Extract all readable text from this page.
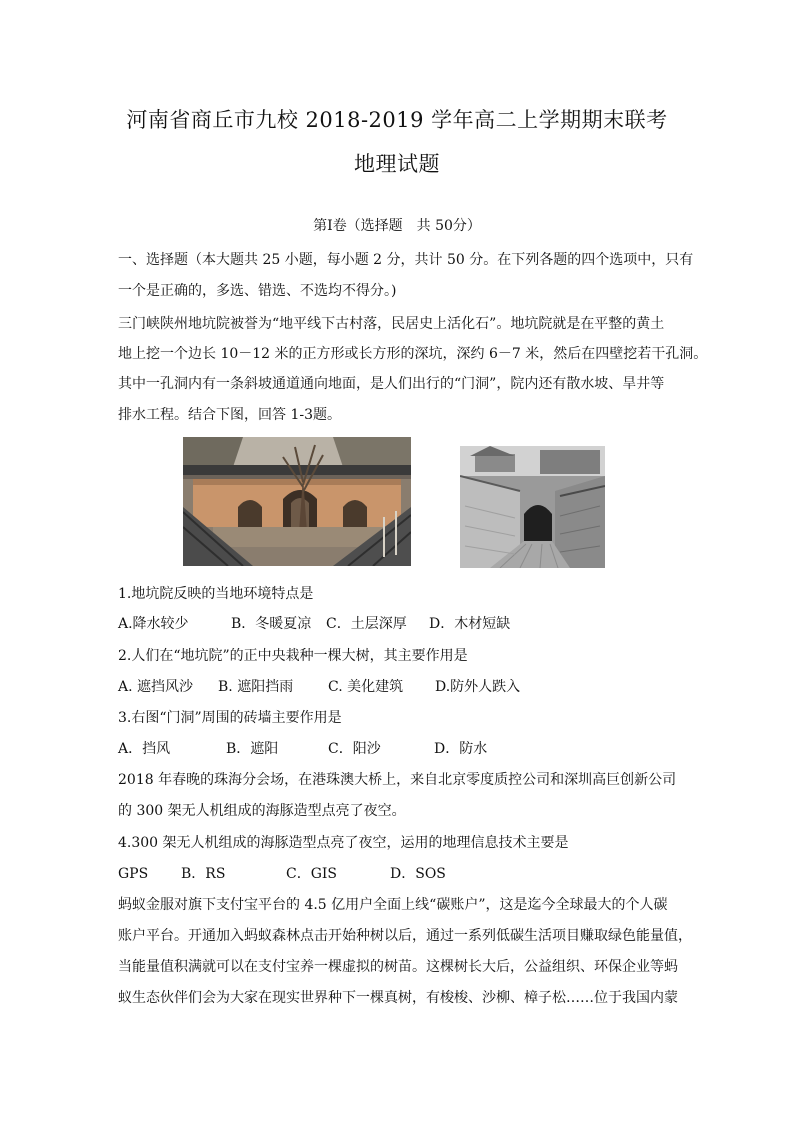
河南省商丘市九校 2018-2019 学年高二上学期期末联考
地理试题
第Ⅰ卷（选择题　共 50分）
一、选择题（本大题共 25 小题，每小题 2 分，共计 50 分。在下列各题的四个选项中，只有
一个是正确的，多选、错选、不选均不得分。)
三门峡陕州地坑院被誉为“地平线下古村落，民居史上活化石”。地坑院就是在平整的黄土
地上挖一个边长 10－12 米的正方形或长方形的深坑，深约 6－7 米，然后在四壁挖若干孔洞。
其中一孔洞内有一条斜坡通道通向地面，是人们出行的“门洞”，院内还有散水坡、旱井等
排水工程。结合下图，回答 1-3题。
1.地坑院反映的当地环境特点是
A.降水较少	B．冬暖夏凉 C．土层深厚 D．木材短缺
2.人们在“地坑院”的正中央栽种一棵大树，其主要作用是
A. 遮挡风沙 B. 遮阳挡雨 C. 美化建筑 D.防外人跌入
3.右图“门洞”周围的砖墙主要作用是
A．挡风	B．遮阳	C．阳沙	D．防水
2018 年春晚的珠海分会场，在港珠澳大桥上，来自北京零度质控公司和深圳高巨创新公司
的 300 架无人机组成的海豚造型点亮了夜空。
4.300 架无人机组成的海豚造型点亮了夜空，运用的地理信息技术主要是
GPS B．RS	C．GIS	D．SOS
蚂蚁金服对旗下支付宝平台的 4.5 亿用户全面上线“碳账户”，这是迄今全球最大的个人碳
账户平台。开通加入蚂蚁森林点击开始种树以后，通过一系列低碳生活项目赚取绿色能量值，
当能量值积满就可以在支付宝养一棵虚拟的树苗。这棵树长大后，公益组织、环保企业等蚂
蚁生态伙伴们会为大家在现实世界种下一棵真树，有梭梭、沙柳、樟子松……位于我国内蒙
